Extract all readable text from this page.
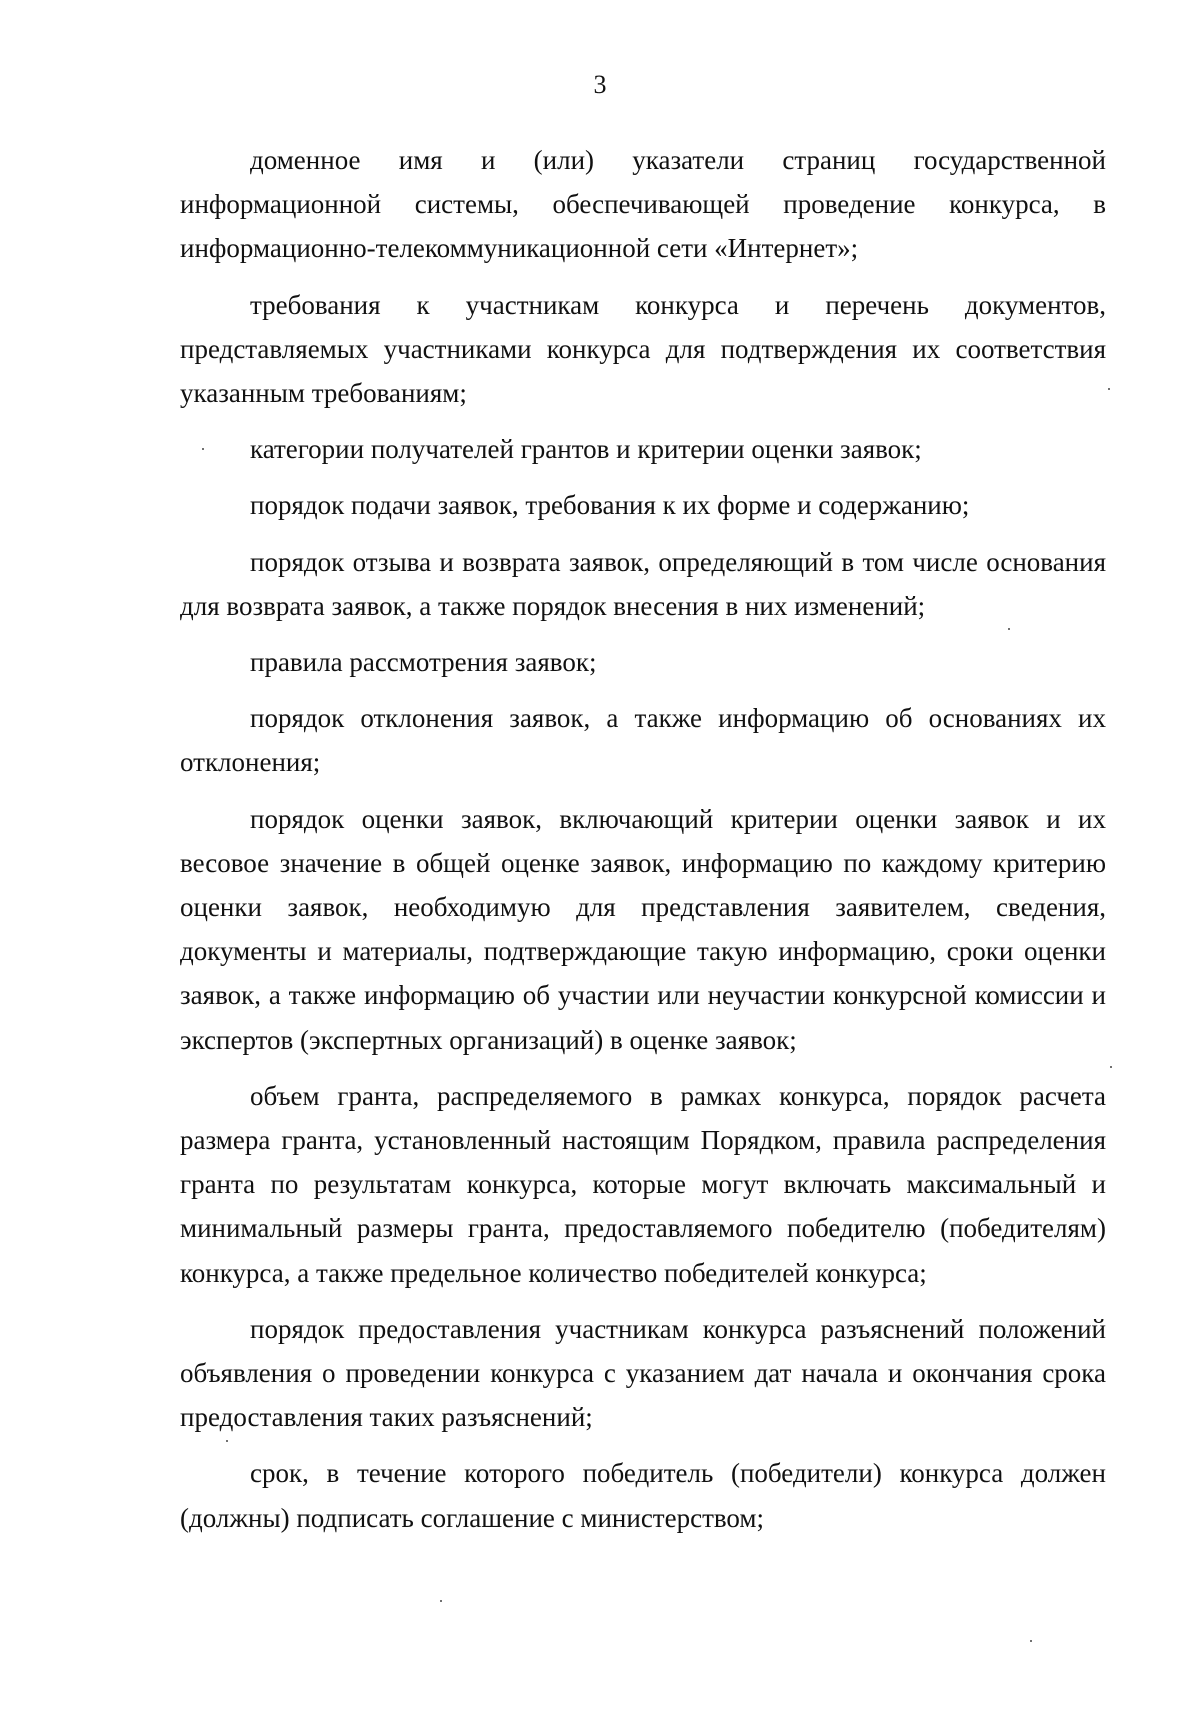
3

доменное имя и (или) указатели страниц государственной информационной системы, обеспечивающей проведение конкурса, в информационно-телекоммуникационной сети «Интернет»;

требования к участникам конкурса и перечень документов, представляемых участниками конкурса для подтверждения их соответствия указанным требованиям;

категории получателей грантов и критерии оценки заявок;

порядок подачи заявок, требования к их форме и содержанию;

порядок отзыва и возврата заявок, определяющий в том числе основания для возврата заявок, а также порядок внесения в них изменений;

правила рассмотрения заявок;

порядок отклонения заявок, а также информацию об основаниях их отклонения;

порядок оценки заявок, включающий критерии оценки заявок и их весовое значение в общей оценке заявок, информацию по каждому критерию оценки заявок, необходимую для представления заявителем, сведения, документы и материалы, подтверждающие такую информацию, сроки оценки заявок, а также информацию об участии или неучастии конкурсной комиссии и экспертов (экспертных организаций) в оценке заявок;

объем гранта, распределяемого в рамках конкурса, порядок расчета размера гранта, установленный настоящим Порядком, правила распределения гранта по результатам конкурса, которые могут включать максимальный и минимальный размеры гранта, предоставляемого победителю (победителям) конкурса, а также предельное количество победителей конкурса;

порядок предоставления участникам конкурса разъяснений положений объявления о проведении конкурса с указанием дат начала и окончания срока предоставления таких разъяснений;

срок, в течение которого победитель (победители) конкурса должен (должны) подписать соглашение с министерством;
